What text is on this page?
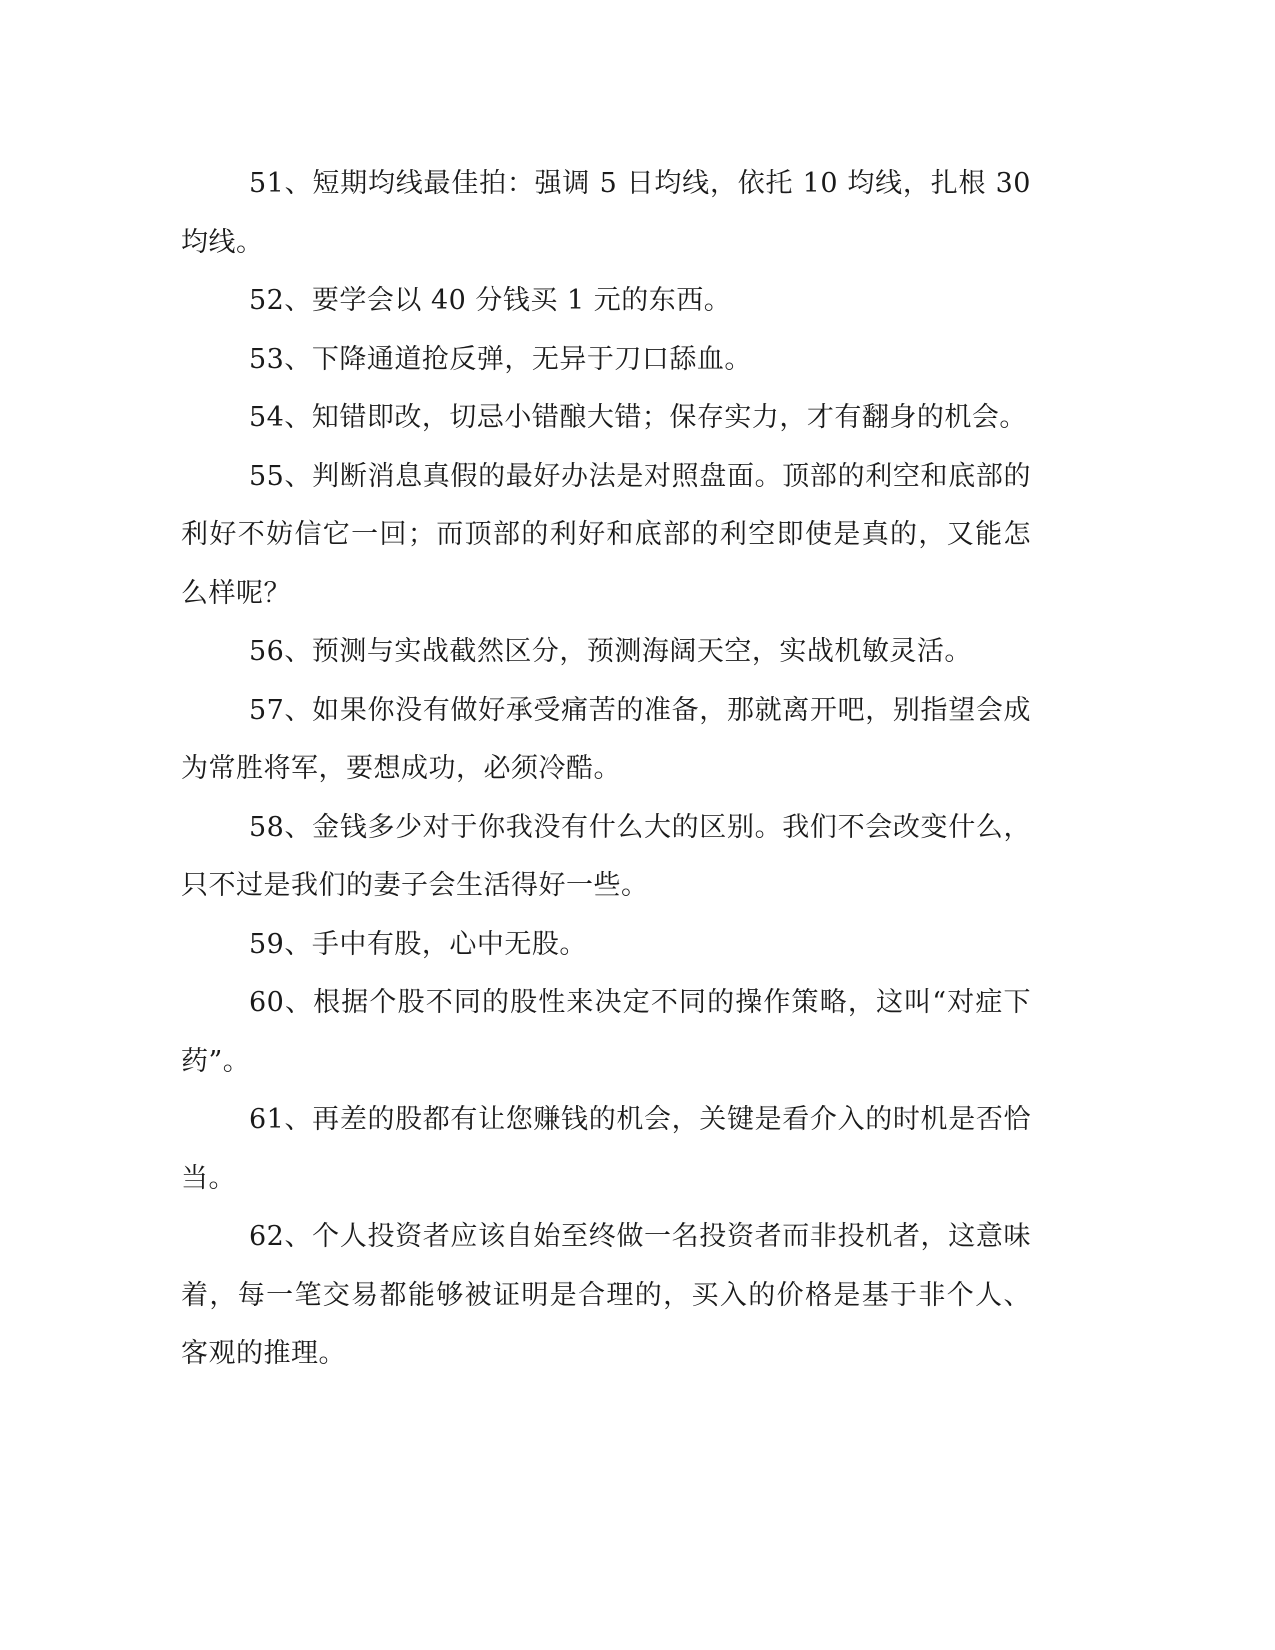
51、短期均线最佳拍：强调 5 日均线，依托 10 均线，扎根 30 均线。

52、要学会以 40 分钱买 1 元的东西。

53、下降通道抢反弹，无异于刀口舔血。

54、知错即改，切忌小错酿大错；保存实力，才有翻身的机会。

55、判断消息真假的最好办法是对照盘面。顶部的利空和底部的利好不妨信它一回；而顶部的利好和底部的利空即使是真的，又能怎么样呢？

56、预测与实战截然区分，预测海阔天空，实战机敏灵活。

57、如果你没有做好承受痛苦的准备，那就离开吧，别指望会成为常胜将军，要想成功，必须冷酷。

58、金钱多少对于你我没有什么大的区别。我们不会改变什么，只不过是我们的妻子会生活得好一些。

59、手中有股，心中无股。

60、根据个股不同的股性来决定不同的操作策略，这叫“对症下药”。

61、再差的股都有让您赚钱的机会，关键是看介入的时机是否恰当。

62、个人投资者应该自始至终做一名投资者而非投机者，这意味着，每一笔交易都能够被证明是合理的，买入的价格是基于非个人、客观的推理。
